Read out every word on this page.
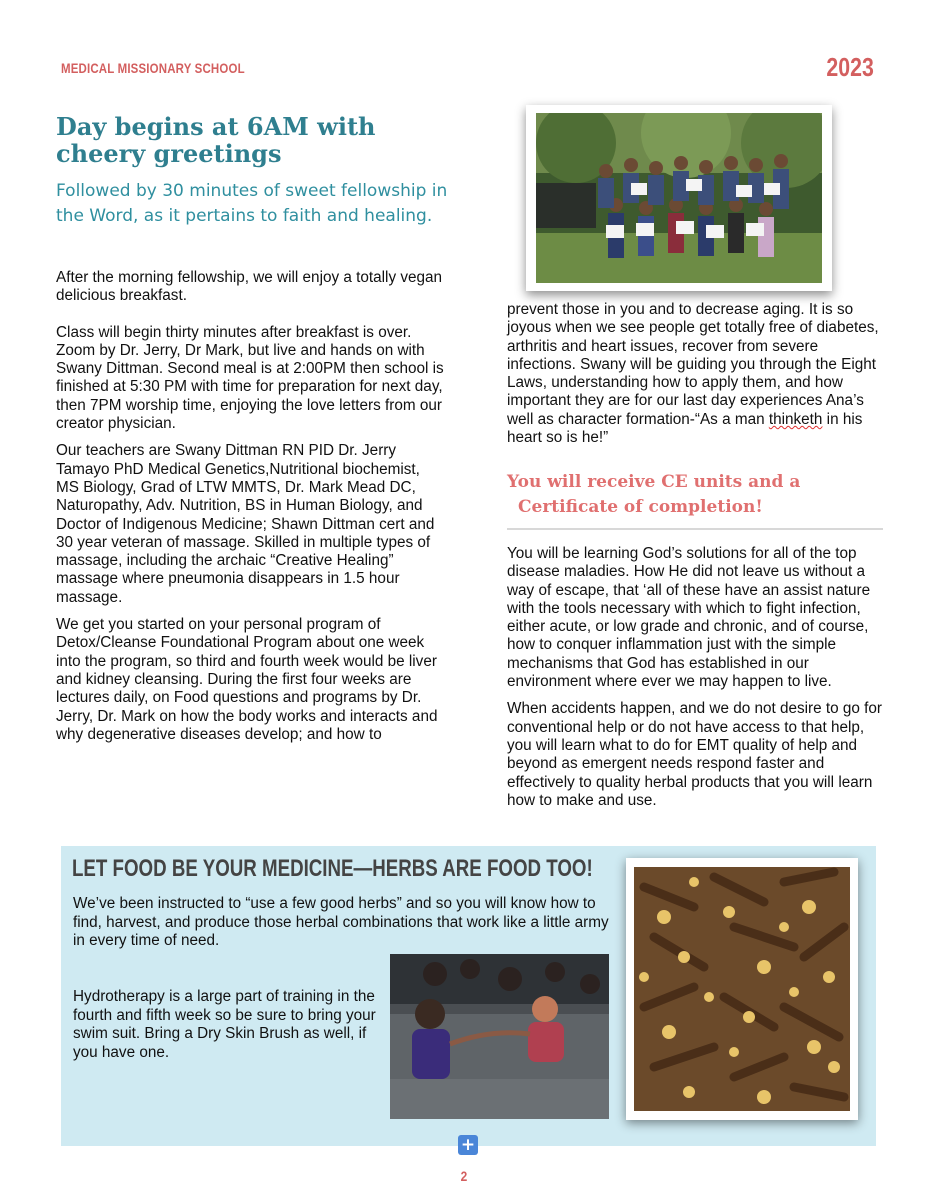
MEDICAL MISSIONARY SCHOOL	2023
Day begins at 6AM with cheery greetings

Followed by 30 minutes of sweet fellowship in the Word, as it pertains to faith and healing.

After the morning fellowship, we will enjoy a totally vegan delicious breakfast.

Class will begin thirty minutes after breakfast is over. Zoom by Dr. Jerry, Dr Mark, but live and hands on with Swany Dittman. Second meal is at 2:00PM then school is finished at 5:30 PM with time for preparation for next day, then 7PM worship time, enjoying the love letters from our creator physician.

Our teachers are Swany Dittman RN PID Dr. Jerry Tamayo PhD Medical Genetics,Nutritional biochemist, MS Biology, Grad of LTW MMTS, Dr. Mark Mead DC, Naturopathy, Adv. Nutrition, BS in Human Biology, and Doctor of Indigenous Medicine; Shawn Dittman cert and 30 year veteran of massage. Skilled in multiple types of massage, including the archaic “Creative Healing” massage where pneumonia disappears in 1.5 hour massage.

We get you started on your personal program of Detox/Cleanse Foundational Program about one week into the program, so third and fourth week would be liver and kidney cleansing. During the first four weeks are lectures daily, on Food questions and programs by Dr. Jerry, Dr. Mark on how the body works and interacts and why degenerative diseases develop; and how to

prevent those in you and to decrease aging. It is so joyous when we see people get totally free of diabetes, arthritis and heart issues, recover from severe infections. Swany will be guiding you through the Eight Laws, understanding how to apply them, and how important they are for our last day experiences Ana’s well as character formation-“As a man thinketh in his heart so is he!”

You will receive CE units and a
Certificate of completion!

You will be learning God’s solutions for all of the top disease maladies. How He did not leave us without a way of escape, that ‘all of these have an assist nature with the tools necessary with which to fight infection, either acute, or low grade and chronic, and of course, how to conquer inflammation just with the simple mechanisms that God has established in our environment where ever we may happen to live.

When accidents happen, and we do not desire to go for conventional help or do not have access to that help, you will learn what to do for EMT quality of help and beyond as emergent needs respond faster and effectively to quality herbal products that you will learn how to make and use.

LET FOOD BE YOUR MEDICINE—HERBS ARE FOOD TOO!

We’ve been instructed to “use a few good herbs” and so you will know how to find, harvest, and produce those herbal combinations that work like a little army in every time of need.

Hydrotherapy is a large part of training in the fourth and fifth week so be sure to bring your swim suit. Bring a Dry Skin Brush as well, if you have one.

+
2
